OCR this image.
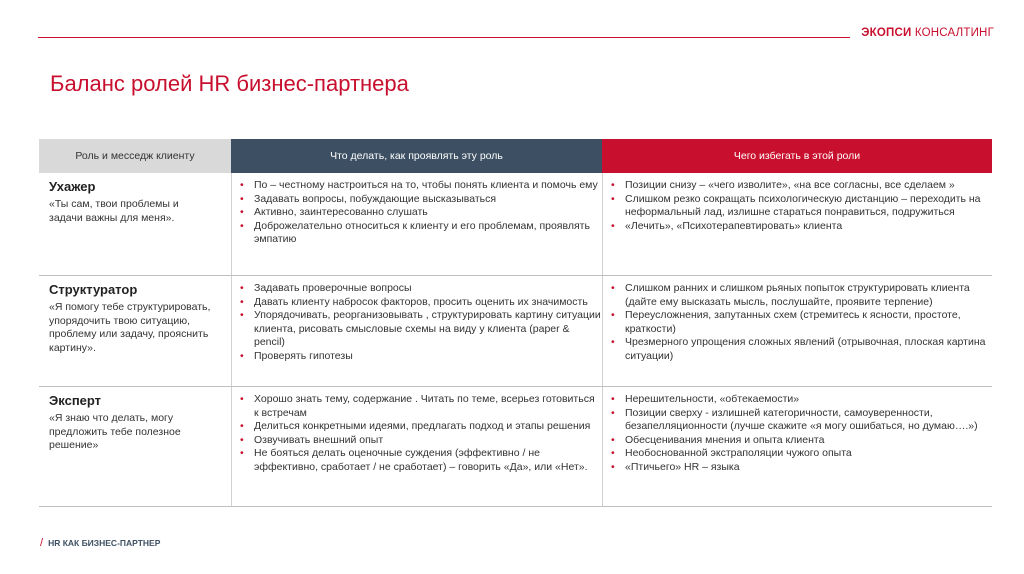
ЭКОПСИ КОНСАЛТИНГ
Баланс ролей HR бизнес-партнера
Роль и месседж клиенту	Что делать, как проявлять эту роль	Чего избегать в этой роли
Ухажер
«Ты сам, твои проблемы и задачи важны для меня».
• По – честному настроиться на то, чтобы понять клиента и помочь ему
• Задавать вопросы, побуждающие высказываться
• Активно, заинтересованно слушать
• Доброжелательно относиться к клиенту и его проблемам, проявлять эмпатию
• Позиции снизу – «чего изволите», «на все согласны, все сделаем »
• Слишком резко сокращать психологическую дистанцию – переходить на неформальный лад, излишне стараться понравиться, подружиться
• «Лечить», «Психотерапевтировать» клиента
Структуратор
«Я помогу тебе структурировать, упорядочить твою ситуацию, проблему или задачу, прояснить картину».
• Задавать проверочные вопросы
• Давать клиенту набросок факторов, просить оценить их значимость
• Упорядочивать, реорганизовывать , структурировать картину ситуации клиента, рисовать смысловые схемы на виду у клиента (paper & pencil)
• Проверять гипотезы
• Слишком ранних и слишком рьяных попыток структурировать клиента (дайте ему высказать мысль, послушайте, проявите терпение)
• Переусложнения, запутанных схем (стремитесь к ясности, простоте, краткости)
• Чрезмерного упрощения сложных явлений (отрывочная, плоская картина ситуации)
Эксперт
«Я знаю что делать, могу предложить тебе полезное решение»
• Хорошо знать тему, содержание . Читать по теме, всерьез готовиться к встречам
• Делиться конкретными идеями, предлагать подход и этапы решения
• Озвучивать внешний опыт
• Не бояться делать оценочные суждения (эффективно / не эффективно, сработает / не сработает) – говорить «Да», или «Нет».
• Нерешительности, «обтекаемости»
• Позиции сверху - излишней категоричности, самоуверенности, безапелляционности (лучше скажите «я могу ошибаться, но думаю….»)
• Обесценивания мнения и опыта клиента
• Необоснованной экстраполяции чужого опыта
• «Птичьего» HR – языка
/ HR КАК БИЗНЕС-ПАРТНЕР
